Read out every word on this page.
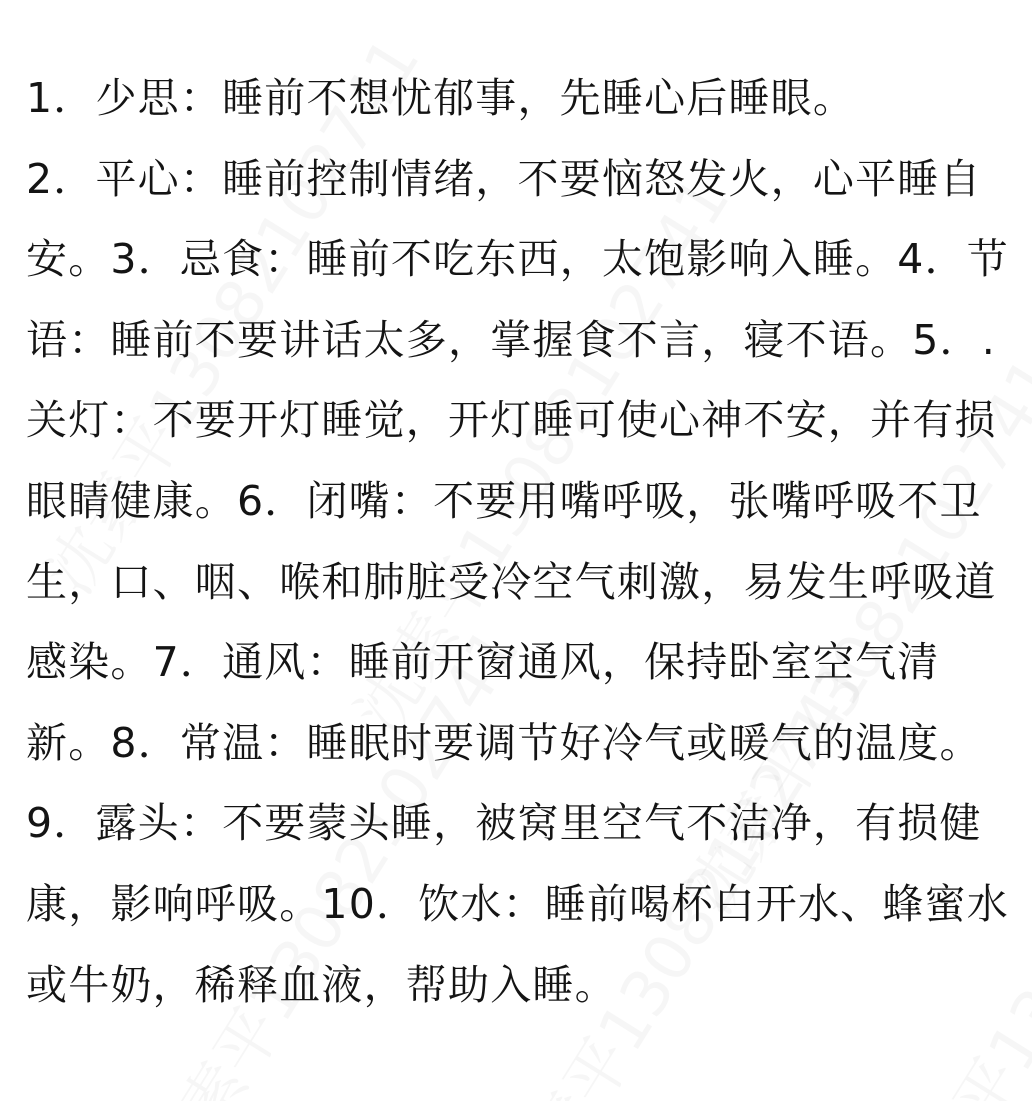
1．少思：睡前不想忧郁事，先睡心后睡眼。
2．平心：睡前控制情绪，不要恼怒发火，心平睡自安。3．忌食：睡前不吃东西，太饱影响入睡。4．节语：睡前不要讲话太多，掌握食不言，寝不语。5．.关灯：不要开灯睡觉，开灯睡可使心神不安，并有损眼睛健康。6．闭嘴：不要用嘴呼吸，张嘴呼吸不卫生，口、咽、喉和肺脏受冷空气刺激，易发生呼吸道感染。7．通风：睡前开窗通风，保持卧室空气清新。8．常温：睡眠时要调节好冷气或暖气的温度。9．露头：不要蒙头睡，被窝里空气不洁净，有损健康，影响呼吸。10．饮水：睡前喝杯白开水、蜂蜜水或牛奶，稀释血液，帮助入睡。
